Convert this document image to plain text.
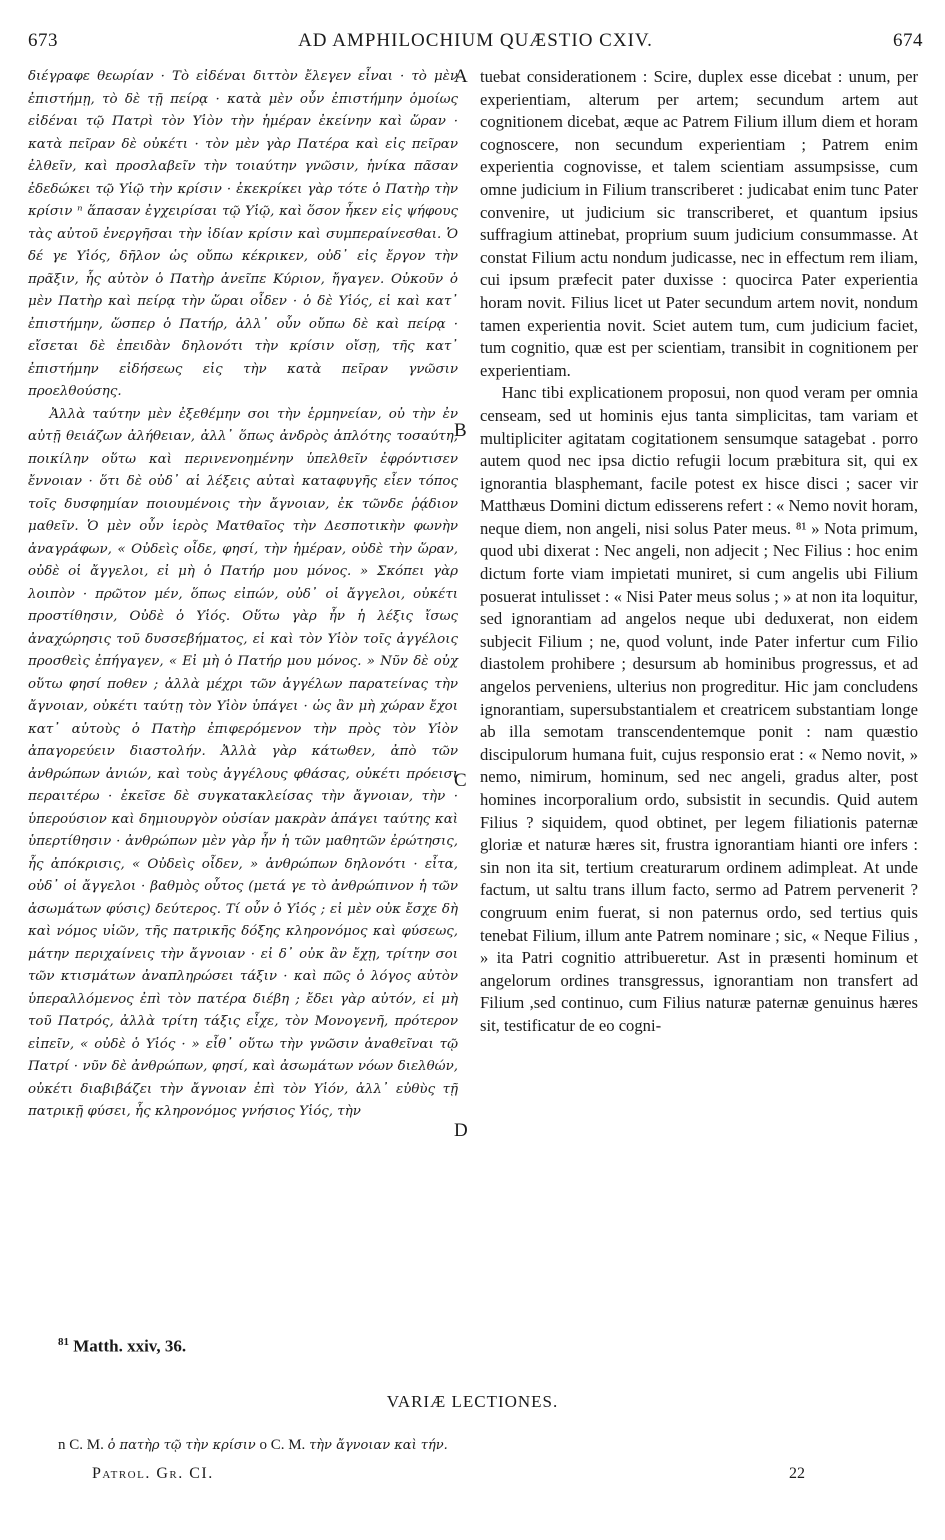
673	AD AMPHILOCHIUM QUÆSTIO CXIV.	674

διέγραφε θεωρίαν · Τὸ εἰδέναι διττὸν ἔλεγεν εἶναι · τὸ μὲν ἐπιστήμῃ, τὸ δὲ τῇ πείρᾳ · κατὰ μὲν οὖν ἐπιστήμην ὁμοίως εἰδέναι τῷ Πατρὶ τὸν Υἱὸν τὴν ἡμέραν ἐκείνην καὶ ὥραν · κατὰ πεῖραν δὲ οὐκέτι · τὸν μὲν γὰρ Πατέρα καὶ εἰς πεῖραν ἐλθεῖν, καὶ προσλαβεῖν τὴν τοιαύτην γνῶσιν, ἡνίκα πᾶσαν ἐδεδώκει τῷ Υἱῷ τὴν κρίσιν · ἐκεκρίκει γὰρ τότε ὁ Πατὴρ τὴν κρίσιν ⁿ ἅπασαν ἐγχειρίσαι τῷ Υἱῷ, καὶ ὅσον ἧκεν εἰς ψήφους τὰς αὐτοῦ ἐνεργῆσαι τὴν ἰδίαν κρίσιν καὶ συμπεραίνεσθαι. Ὁ δέ γε Υἱός, δῆλον ὡς οὔπω κέκρικεν, οὐδ᾽ εἰς ἔργον τὴν πρᾶξιν, ἧς αὐτὸν ὁ Πατὴρ ἀνεῖπε Κύριον, ἤγαγεν. Οὐκοῦν ὁ μὲν Πατὴρ καὶ πείρᾳ τὴν ὥραι οἶδεν · ὁ δὲ Υἱός, εἰ καὶ κατ᾽ ἐπιστήμην, ὥσπερ ὁ Πατήρ, ἀλλ᾽ οὖν οὔπω δὲ καὶ πείρᾳ · εἴσεται δὲ ἐπειδὰν δηλονότι τὴν κρίσιν οἴσῃ, τῆς κατ᾽ ἐπιστήμην εἰδήσεως εἰς τὴν κατὰ πεῖραν γνῶσιν προελθούσης.

Ἀλλὰ ταύτην μὲν ἐξεθέμην σοι τὴν ἑρμηνείαν, οὐ τὴν ἐν αὐτῇ θειάζων ἀλήθειαν, ἀλλ᾽ ὅπως ἀνδρὸς ἁπλότης τοσαύτη, ποικίλην οὕτω καὶ περινενοημένην ὑπελθεῖν ἐφρόντισεν ἔννοιαν · ὅτι δὲ οὐδ᾽ αἱ λέξεις αὐταὶ καταφυγῆς εἶεν τόπος τοῖς δυσφημίαν ποιουμένοις τὴν ἄγνοιαν, ἐκ τῶνδε ῥᾴδιον μαθεῖν. Ὁ μὲν οὖν ἱερὸς Ματθαῖος τὴν Δεσποτικὴν φωνὴν ἀναγράφων, « Οὐδεὶς οἶδε, φησί, τὴν ἡμέραν, οὐδὲ τὴν ὥραν, οὐδὲ οἱ ἄγγελοι, εἰ μὴ ὁ Πατήρ μου μόνος. » Σκόπει γὰρ λοιπὸν · πρῶτον μέν, ὅπως εἰπών, οὐδ᾽ οἱ ἄγγελοι, οὐκέτι προστίθησιν, Οὐδὲ ὁ Υἱός. Οὕτω γὰρ ἦν ἡ λέξις ἴσως ἀναχώρησις τοῦ δυσσεβήματος, εἰ καὶ τὸν Υἱὸν τοῖς ἀγγέλοις προσθεὶς ἐπήγαγεν, « Εἰ μὴ ὁ Πατήρ μου μόνος. » Νῦν δὲ οὐχ οὕτω φησί ποθεν ; ἀλλὰ μέχρι τῶν ἀγγέλων παρατείνας τὴν ἄγνοιαν, οὐκέτι ταύτῃ τὸν Υἱὸν ὑπάγει · ὡς ἂν μὴ χώραν ἔχοι κατ᾽ αὐτοὺς ὁ Πατὴρ ἐπιφερόμενον τὴν πρὸς τὸν Υἱὸν ἀπαγορεύειν διαστολήν. Ἀλλὰ γὰρ κάτωθεν, ἀπὸ τῶν ἀνθρώπων ἀνιών, καὶ τοὺς ἀγγέλους φθάσας, οὐκέτι πρόεισι περαιτέρω · ἐκεῖσε δὲ συγκατακλείσας τὴν ἄγνοιαν, τὴν · ὑπερούσιον καὶ δημιουργὸν οὐσίαν μακρὰν ἀπάγει ταύτης καὶ ὑπερτίθησιν · ἀνθρώπων μὲν γὰρ ἦν ἡ τῶν μαθητῶν ἐρώτησις, ἧς ἀπόκρισις, « Οὐδεὶς οἶδεν, » ἀνθρώπων δηλονότι · εἶτα, οὐδ᾽ οἱ ἄγγελοι · βαθμὸς οὗτος (μετά γε τὸ ἀνθρώπινον ἡ τῶν ἀσωμάτων φύσις) δεύτερος. Τί οὖν ὁ Υἱός ; εἰ μὲν οὐκ ἔσχε δὴ καὶ νόμος υἱῶν, τῆς πατρικῆς δόξης κληρονόμος καὶ φύσεως, μάτην περιχαίνεις τὴν ἄγνοιαν · εἰ δ᾽ οὐκ ἂν ἔχῃ, τρίτην σοι τῶν κτισμάτων ἀναπληρώσει τάξιν · καὶ πῶς ὁ λόγος αὐτὸν ὑπεραλλόμενος ἐπὶ τὸν πατέρα διέβη ; ἔδει γὰρ αὐτόν, εἰ μὴ τοῦ Πατρός, ἀλλὰ τρίτη τάξις εἶχε, τὸν Μονογενῆ, πρότερον εἰπεῖν, « οὐδὲ ὁ Υἱός · » εἶθ᾽ οὕτω τὴν γνῶσιν ἀναθεῖναι τῷ Πατρί · νῦν δὲ ἀνθρώπων, φησί, καὶ ἀσωμάτων νόων διελθών, οὐκέτι διαβιβάζει τὴν ἄγνοιαν ἐπὶ τὸν Υἱόν, ἀλλ᾽ εὐθὺς τῇ πατρικῇ φύσει, ἧς κληρονόμος γνήσιος Υἱός, τὴν

A
B
C
D

tuebat considerationem : Scire, duplex esse dicebat : unum, per experientiam, alterum per artem; secundum artem aut cognitionem dicebat, æque ac Patrem Filium illum diem et horam cognoscere, non secundum experientiam ; Patrem enim experientia cognovisse, et talem scientiam assumpsisse, cum omne judicium in Filium transcriberet : judicabat enim tunc Pater convenire, ut judicium sic transcriberet, et quantum ipsius suffragium attinebat, proprium suum judicium consummasse. At constat Filium actu nondum judicasse, nec in effectum rem iliam, cui ipsum præfecit pater duxisse : quocirca Pater experientia horam novit. Filius licet ut Pater secundum artem novit, nondum tamen experientia novit. Sciet autem tum, cum judicium faciet, tum cognitio, quæ est per scientiam, transibit in cognitionem per experientiam.

Hanc tibi explicationem proposui, non quod veram per omnia censeam, sed ut hominis ejus tanta simplicitas, tam variam et multipliciter agitatam cogitationem sensumque satagebat . porro autem quod nec ipsa dictio refugii locum præbitura sit, qui ex ignorantia blasphemant, facile potest ex hisce disci ; sacer vir Matthæus Domini dictum edisserens refert : « Nemo novit horam, neque diem, non angeli, nisi solus Pater meus. ⁸¹ » Nota primum, quod ubi dixerat : Nec angeli, non adjecit ; Nec Filius : hoc enim dictum forte viam impietati muniret, si cum angelis ubi Filium posuerat intulisset : « Nisi Pater meus solus ; » at non ita loquitur, sed ignorantiam ad angelos neque ubi deduxerat, non eidem subjecit Filium ; ne, quod volunt, inde Pater infertur cum Filio diastolem prohibere ; desursum ab hominibus progressus, et ad angelos perveniens, ulterius non progreditur. Hic jam concludens ignorantiam, supersubstantialem et creatricem substantiam longe ab illa semotam transcendentemque ponit : nam quæstio discipulorum humana fuit, cujus responsio erat : « Nemo novit, » nemo, nimirum, hominum, sed nec angeli, gradus alter, post homines incorporalium ordo, subsistit in secundis. Quid autem Filius ? siquidem, quod obtinet, per legem filiationis paternæ gloriæ et naturæ hæres sit, frustra ignorantiam hianti ore infers : sin non ita sit, tertium creaturarum ordinem adimpleat. At unde factum, ut saltu trans illum facto, sermo ad Patrem pervenerit ? congruum enim fuerat, si non paternus ordo, sed tertius quis tenebat Filium, illum ante Patrem nominare ; sic, « Neque Filius , » ita Patri cognitio attribueretur. Ast in præsenti hominum et angelorum ordines transgressus, ignorantiam non transfert ad Filium ,sed continuo, cum Filius naturæ paternæ genuinus hæres sit, testificatur de eo cogni-

$^{81}$ Matth. xxiv, 36.
VARIÆ LECTIONES.
n C. M. ὁ πατὴρ τῷ τὴν κρίσιν o C. M. τὴν ἄγνοιαν καὶ τήν.
Patrol. Gr. CI.	22
